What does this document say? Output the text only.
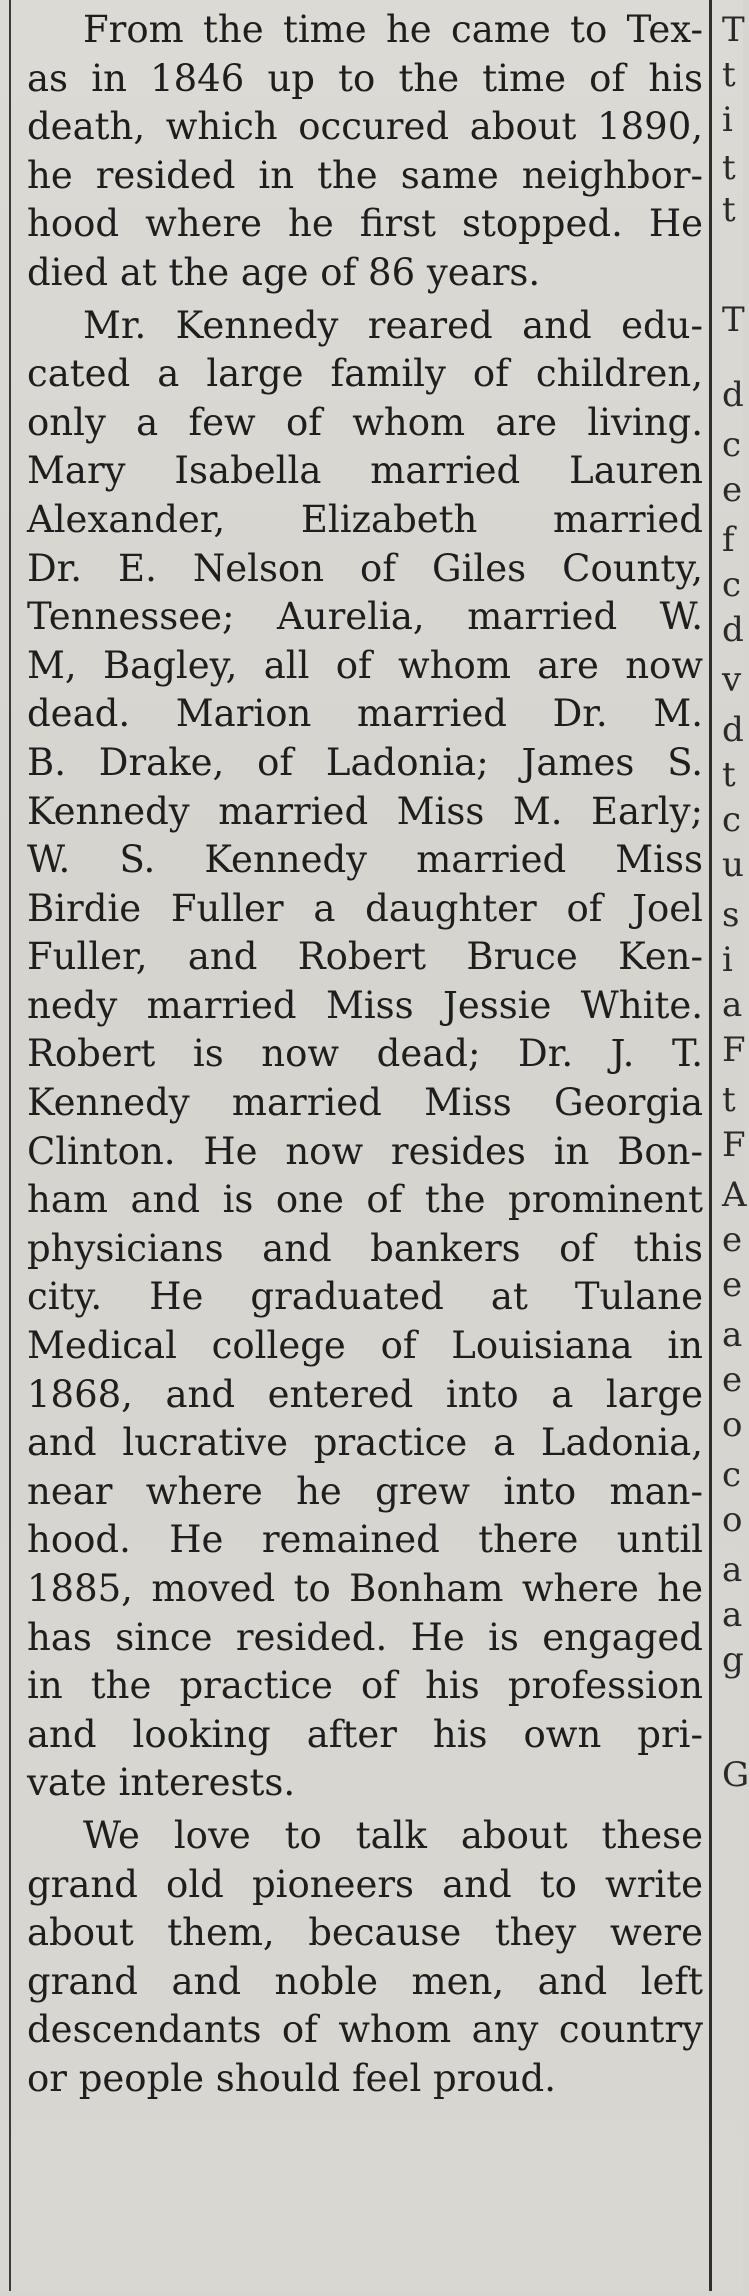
From the time he came to Tex-
as in 1846 up to the time of his
death, which occured about 1890,
he resided in the same neighbor-
hood where he first stopped. He
died at the age of 86 years.

Mr. Kennedy reared and edu-
cated a large family of children,
only a few of whom are living.
Mary Isabella married Lauren
Alexander, Elizabeth married
Dr. E. Nelson of Giles County,
Tennessee; Aurelia, married W.
M, Bagley, all of whom are now
dead. Marion married Dr. M.
B. Drake, of Ladonia; James S.
Kennedy married Miss M. Early;
W. S. Kennedy married Miss
Birdie Fuller a daughter of Joel
Fuller, and Robert Bruce Ken-
nedy married Miss Jessie White.
Robert is now dead; Dr. J. T.
Kennedy married Miss Georgia
Clinton. He now resides in Bon-
ham and is one of the prominent
physicians and bankers of this
city. He graduated at Tulane
Medical college of Louisiana in
1868, and entered into a large
and lucrative practice a Ladonia,
near where he grew into man-
hood. He remained there until
1885, moved to Bonham where he
has since resided. He is engaged
in the practice of his profession
and looking after his own pri-
vate interests.

We love to talk about these
grand old pioneers and to write
about them, because they were
grand and noble men, and left
descendants of whom any country
or people should feel proud.

T
t
i
t
t
T
d
c
e
f
c
d
v
d
t
c
u
s
i
a
F
t
F
A
e
e
a
e
o
c
o
a
a
g
G
